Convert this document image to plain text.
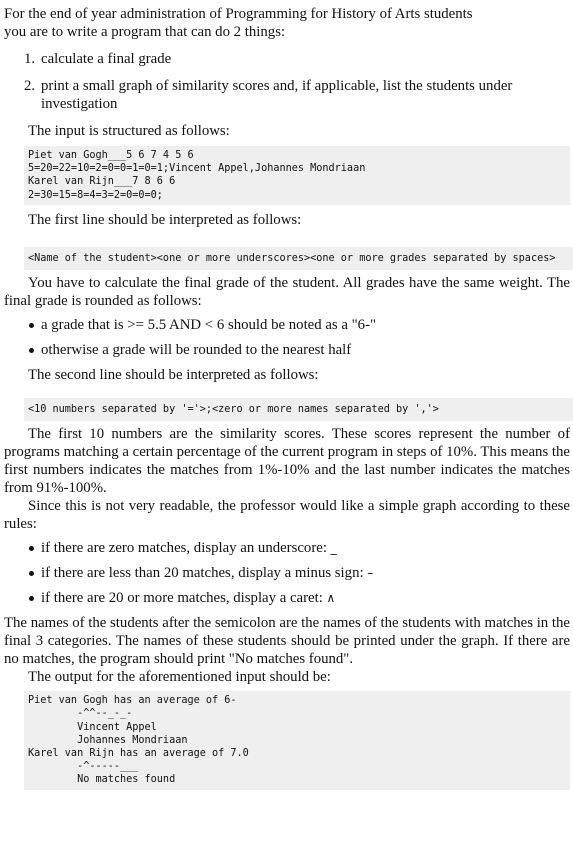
For the end of year administration of Programming for History of Arts students

you are to write a program that can do 2 things:

1. calculate a final grade
2. print a small graph of similarity scores and, if applicable, list the students under investigation

The input is structured as follows:

Piet van Gogh___5 6 7 4 5 6
5=20=22=10=2=0=0=1=0=1;Vincent Appel,Johannes Mondriaan
Karel van Rijn___7 8 6 6
2=30=15=8=4=3=2=0=0=0;

The first line should be interpreted as follows:

<Name of the student><one or more underscores><one or more grades separated by spaces>

You have to calculate the final grade of the student. All grades have the same weight. The final grade is rounded as follows:

a grade that is >= 5.5 AND < 6 should be noted as a "6-"
otherwise a grade will be rounded to the nearest half

The second line should be interpreted as follows:

<10 numbers separated by '='>;<zero or more names separated by ','>

The first 10 numbers are the similarity scores. These scores represent the number of programs matching a certain percentage of the current program in steps of 10%. This means the first numbers indicates the matches from 1%-10% and the last number indicates the matches from 91%-100%.

Since this is not very readable, the professor would like a simple graph according to these rules:

if there are zero matches, display an underscore: _
if there are less than 20 matches, display a minus sign: –
if there are 20 or more matches, display a caret: ∧

The names of the students after the semicolon are the names of the students with matches in the final 3 categories. The names of these students should be printed under the graph. If there are no matches, the program should print "No matches found".

The output for the aforementioned input should be:

Piet van Gogh has an average of 6-
-^^--_-_-
Vincent Appel
Johannes Mondriaan
Karel van Rijn has an average of 7.0
-^-----___
No matches found
